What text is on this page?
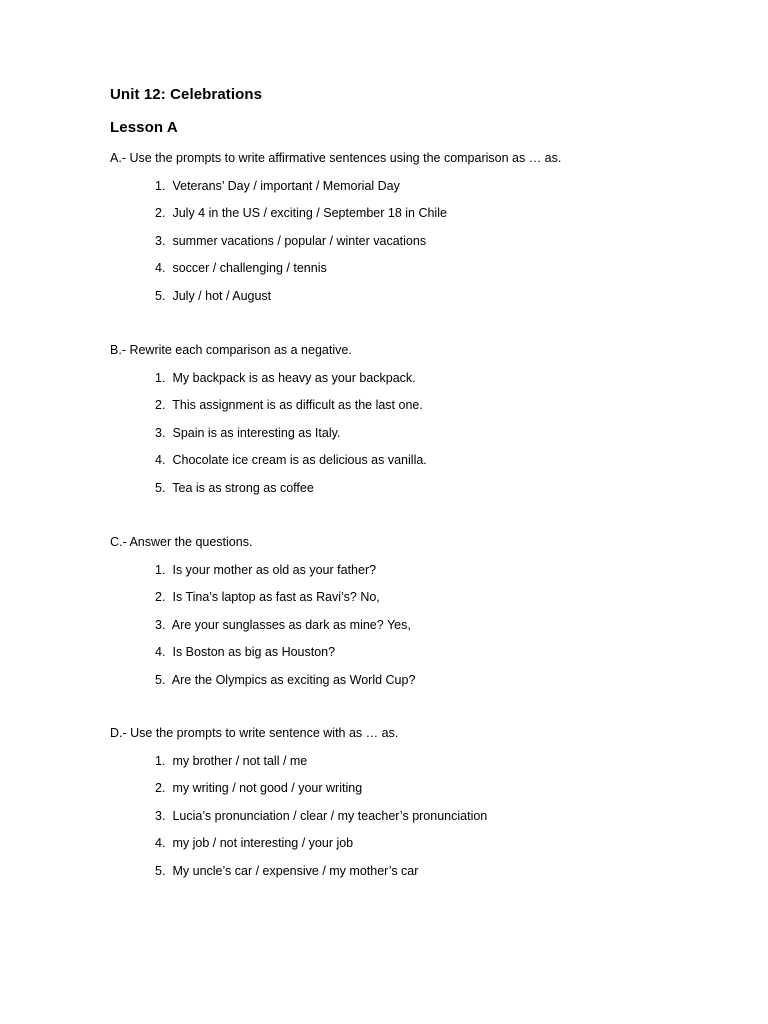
Unit 12: Celebrations
Lesson A

A.- Use the prompts to write affirmative sentences using the comparison as … as.

1. Veterans’ Day / important / Memorial Day
2. July 4 in the US / exciting / September 18 in Chile
3. summer vacations / popular / winter vacations
4. soccer / challenging / tennis
5. July / hot / August

B.- Rewrite each comparison as a negative.

1. My backpack is as heavy as your backpack.
2. This assignment is as difficult as the last one.
3. Spain is as interesting as Italy.
4. Chocolate ice cream is as delicious as vanilla.
5. Tea is as strong as coffee

C.- Answer the questions.

1. Is your mother as old as your father?
2. Is Tina’s laptop as fast as Ravi’s? No,
3. Are your sunglasses as dark as mine? Yes,
4. Is Boston as big as Houston?
5. Are the Olympics as exciting as World Cup?

D.- Use the prompts to write sentence with as … as.

1. my brother / not tall / me
2. my writing / not good / your writing
3. Lucia’s pronunciation / clear / my teacher’s pronunciation
4. my job / not interesting / your job
5. My uncle’s car / expensive / my mother’s car
